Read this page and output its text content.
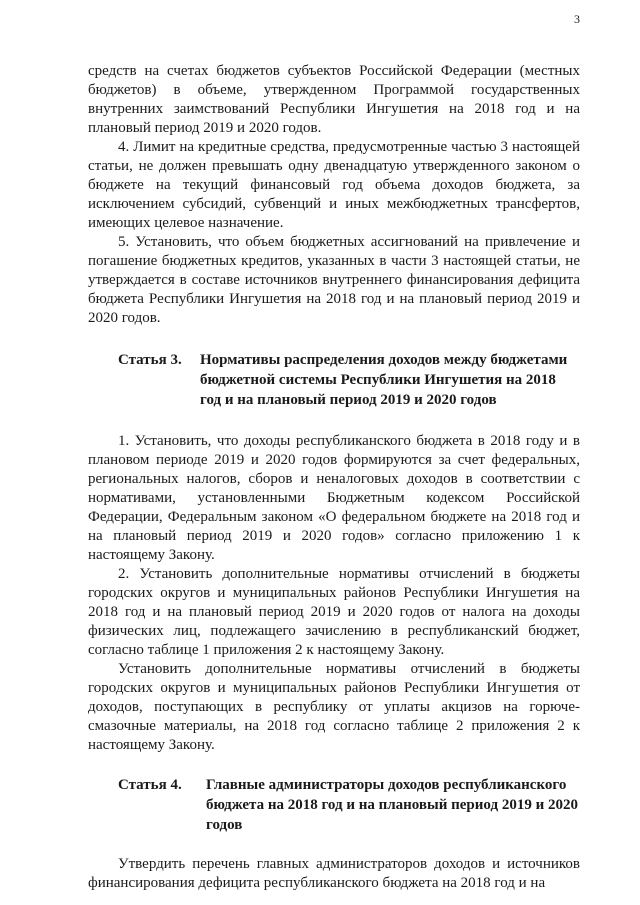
3

средств на счетах бюджетов субъектов Российской Федерации (местных бюджетов) в объеме, утвержденном Программой государственных внутренних заимствований Республики Ингушетия на 2018 год и на плановый период 2019 и 2020 годов.

4. Лимит на кредитные средства, предусмотренные частью 3 настоящей статьи, не должен превышать одну двенадцатую утвержденного законом о бюджете на текущий финансовый год объема доходов бюджета, за исключением субсидий, субвенций и иных межбюджетных трансфертов, имеющих целевое назначение.

5. Установить, что объем бюджетных ассигнований на привлечение и погашение бюджетных кредитов, указанных в части 3 настоящей статьи, не утверждается в составе источников внутреннего финансирования дефицита бюджета Республики Ингушетия на 2018 год и на плановый период 2019 и 2020 годов.

Статья 3.	Нормативы распределения доходов между бюджетами бюджетной системы Республики Ингушетия на 2018 год и на плановый период 2019 и 2020 годов

1. Установить, что доходы республиканского бюджета в 2018 году и в плановом периоде 2019 и 2020 годов формируются за счет федеральных, региональных налогов, сборов и неналоговых доходов в соответствии с нормативами, установленными Бюджетным кодексом Российской Федерации, Федеральным законом «О федеральном бюджете на 2018 год и на плановый период 2019 и 2020 годов» согласно приложению 1 к настоящему Закону.

2. Установить дополнительные нормативы отчислений в бюджеты городских округов и муниципальных районов Республики Ингушетия на 2018 год и на плановый период 2019 и 2020 годов от налога на доходы физических лиц, подлежащего зачислению в республиканский бюджет, согласно таблице 1 приложения 2 к настоящему Закону.

Установить дополнительные нормативы отчислений в бюджеты городских округов и муниципальных районов Республики Ингушетия от доходов, поступающих в республику от уплаты акцизов на горюче-смазочные материалы, на 2018 год согласно таблице 2 приложения 2 к настоящему Закону.

Статья 4.	Главные администраторы доходов республиканского бюджета на 2018 год и на плановый период 2019 и 2020 годов

Утвердить перечень главных администраторов доходов и источников финансирования дефицита республиканского бюджета на 2018 год и на
